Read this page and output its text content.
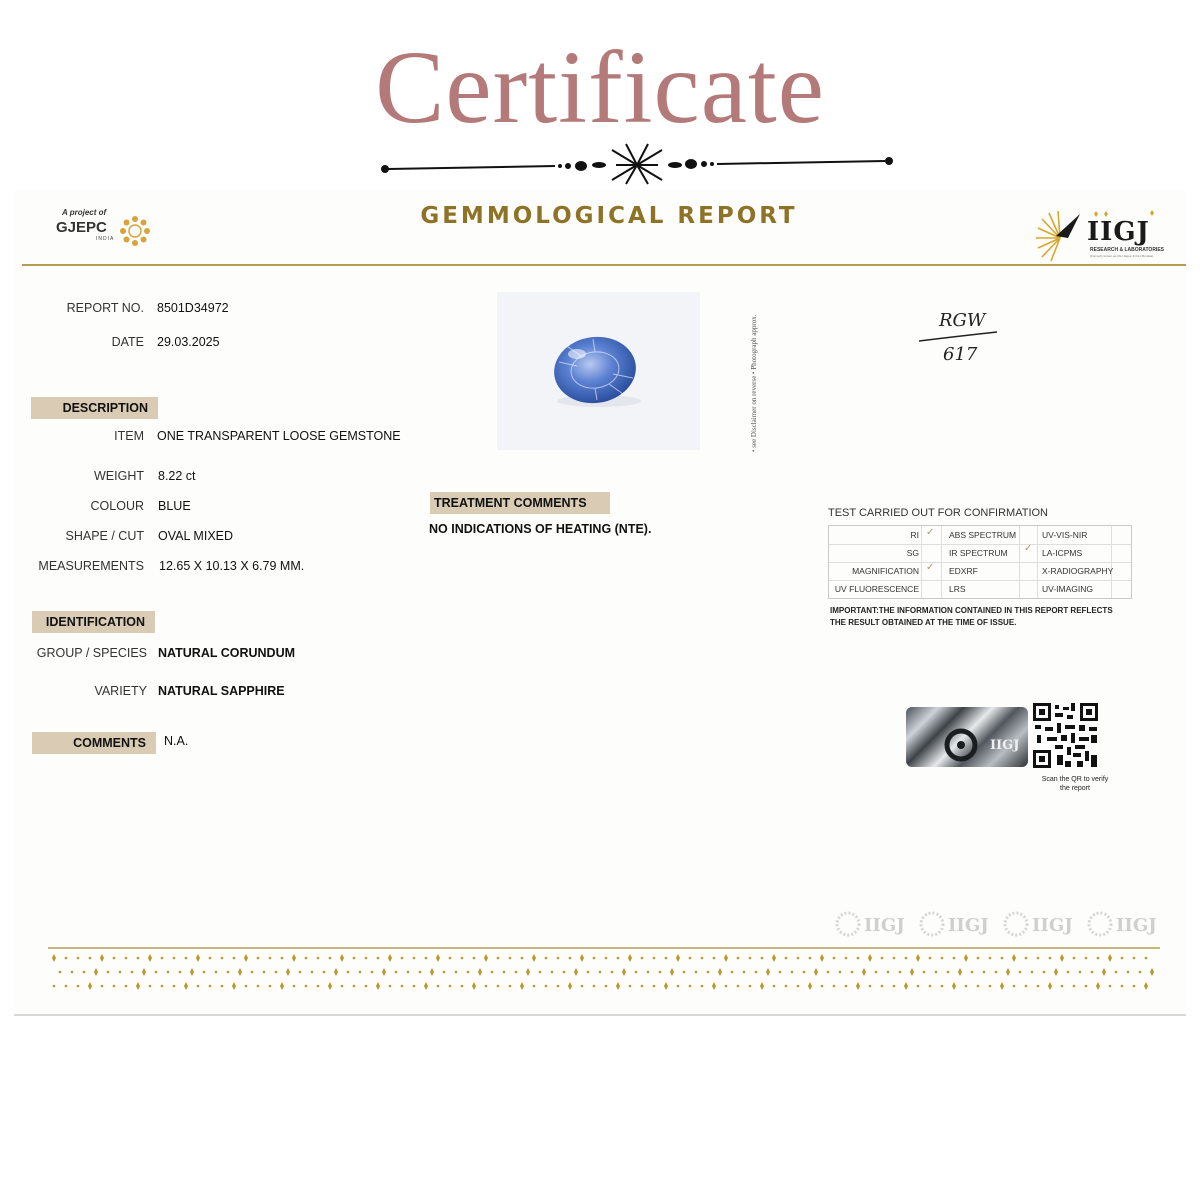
Certificate
A project of
GJEPC
INDIA
GEMMOLOGICAL REPORT
IIGJ
RESEARCH & LABORATORIES
(Formerly known as IIGJ Jaipur & IIGJ Mumbai)
REPORT NO. 8501D34972
DATE 29.03.2025
DESCRIPTION
ITEM ONE TRANSPARENT LOOSE GEMSTONE
WEIGHT 8.22 ct
COLOUR BLUE
SHAPE / CUT OVAL MIXED
MEASUREMENTS 12.65 X 10.13 X 6.79 MM.
IDENTIFICATION
GROUP / SPECIES NATURAL CORUNDUM
VARIETY NATURAL SAPPHIRE
COMMENTS	N.A.
• see Disclaimer on reverse • Photograph approx.	RGW
617
TREATMENT COMMENTS
NO INDICATIONS OF HEATING (NTE).
TEST CARRIED OUT FOR CONFIRMATION
RI
SG
MAGNIFICATION
UV FLUORESCENCE
✓
✓
✓
ABS SPECTRUM
IR SPECTRUM
EDXRF
LRS
UV-VIS-NIR
LA-ICPMS
X-RADIOGRAPHY
UV-IMAGING
IMPORTANT:THE INFORMATION CONTAINED IN THIS REPORT REFLECTS THE RESULT OBTAINED AT THE TIME OF ISSUE.
IIGJ
Scan the QR to verify the report
IIGJ IIGJ IIGJ IIGJ
